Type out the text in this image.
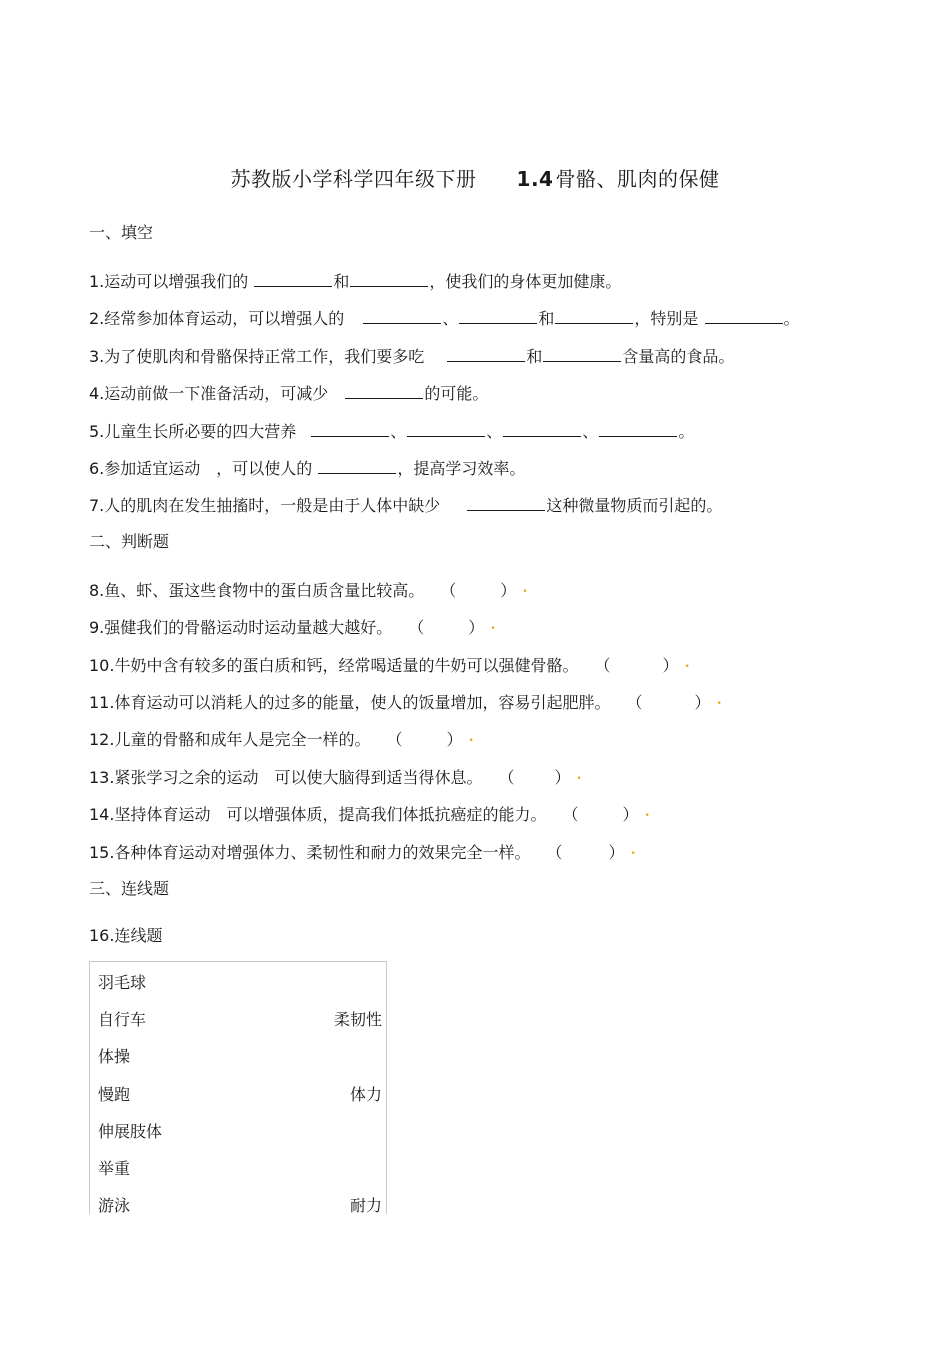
苏教版小学科学四年级下册 1.4 骨骼、肌肉的保健
一、填空
1.运动可以增强我们的	和	，使我们的身体更加健康。
2.经常参加体育运动，可以增强人的	、	和	，特别是	。
3.为了使肌肉和骨骼保持正常工作，我们要多吃	和	含量高的食品。
4.运动前做一下准备活动，可减少	的可能。
5.儿童生长所必要的四大营养	、	、	、	。
6.参加适宜运动　，可以使人的	，提高学习效率。
7.人的肌肉在发生抽搐时，一般是由于人体中缺少	这种微量物质而引起的。
二、判断题
8.鱼、虾、蛋这些食物中的蛋白质含量比较高。 （	） •
9.强健我们的骨骼运动时运动量越大越好。 （	） •
10.牛奶中含有较多的蛋白质和钙，经常喝适量的牛奶可以强健骨骼。 （	） •
11.体育运动可以消耗人的过多的能量，使人的饭量增加，容易引起肥胖。 （	） •
12.儿童的骨骼和成年人是完全一样的。 （	） •
13.紧张学习之余的运动　可以使大脑得到适当得休息。 （	） •
14.坚持体育运动　可以增强体质，提高我们体抵抗癌症的能力。 （	） •
15.各种体育运动对增强体力、柔韧性和耐力的效果完全一样。 （	） •
三、连线题
16.连线题
羽毛球
自行车	柔韧性
体操
慢跑	体力
伸展肢体
举重
游泳	耐力
